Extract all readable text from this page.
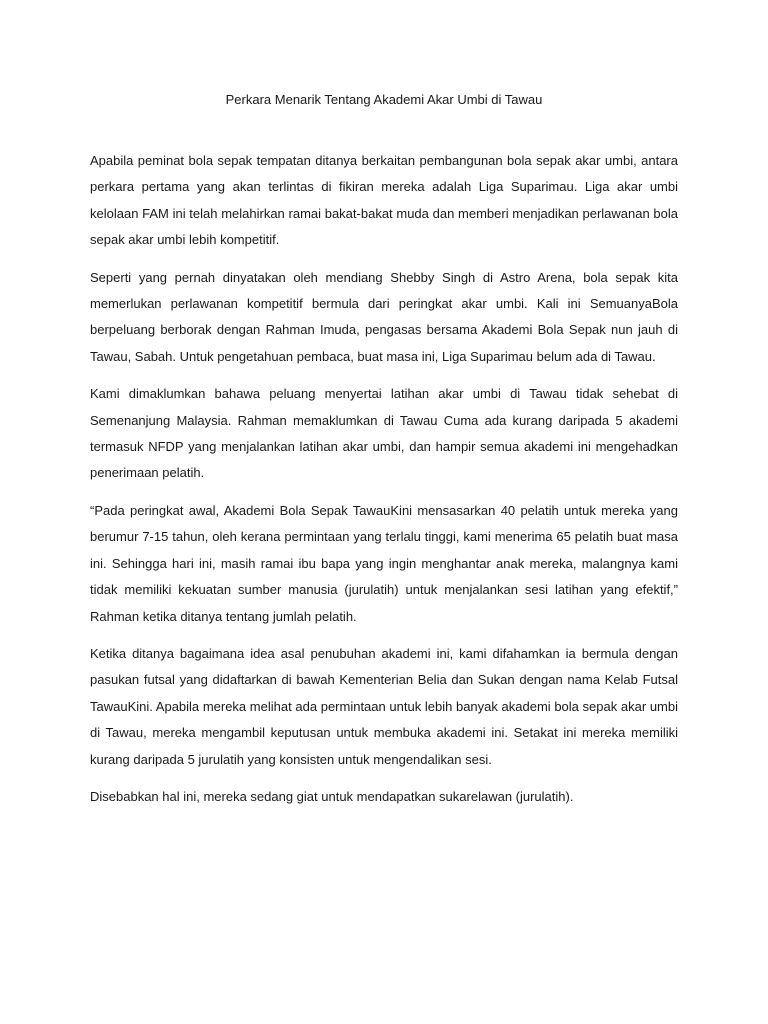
Perkara Menarik Tentang Akademi Akar Umbi di Tawau

Apabila peminat bola sepak tempatan ditanya berkaitan pembangunan bola sepak akar umbi, antara perkara pertama yang akan terlintas di fikiran mereka adalah Liga Suparimau. Liga akar umbi kelolaan FAM ini telah melahirkan ramai bakat-bakat muda dan memberi menjadikan perlawanan bola sepak akar umbi lebih kompetitif.

Seperti yang pernah dinyatakan oleh mendiang Shebby Singh di Astro Arena, bola sepak kita memerlukan perlawanan kompetitif bermula dari peringkat akar umbi. Kali ini SemuanyaBola berpeluang berborak dengan Rahman Imuda, pengasas bersama Akademi Bola Sepak nun jauh di Tawau, Sabah. Untuk pengetahuan pembaca, buat masa ini, Liga Suparimau belum ada di Tawau.

Kami dimaklumkan bahawa peluang menyertai latihan akar umbi di Tawau tidak sehebat di Semenanjung Malaysia. Rahman memaklumkan di Tawau Cuma ada kurang daripada 5 akademi termasuk NFDP yang menjalankan latihan akar umbi, dan hampir semua akademi ini mengehadkan penerimaan pelatih.

“Pada peringkat awal, Akademi Bola Sepak TawauKini mensasarkan 40 pelatih untuk mereka yang berumur 7-15 tahun, oleh kerana permintaan yang terlalu tinggi, kami menerima 65 pelatih buat masa ini. Sehingga hari ini, masih ramai ibu bapa yang ingin menghantar anak mereka, malangnya kami tidak memiliki kekuatan sumber manusia (jurulatih) untuk menjalankan sesi latihan yang efektif,” Rahman ketika ditanya tentang jumlah pelatih.

Ketika ditanya bagaimana idea asal penubuhan akademi ini, kami difahamkan ia bermula dengan pasukan futsal yang didaftarkan di bawah Kementerian Belia dan Sukan dengan nama Kelab Futsal TawauKini. Apabila mereka melihat ada permintaan untuk lebih banyak akademi bola sepak akar umbi di Tawau, mereka mengambil keputusan untuk membuka akademi ini. Setakat ini mereka memiliki kurang daripada 5 jurulatih yang konsisten untuk mengendalikan sesi.

Disebabkan hal ini, mereka sedang giat untuk mendapatkan sukarelawan (jurulatih).
